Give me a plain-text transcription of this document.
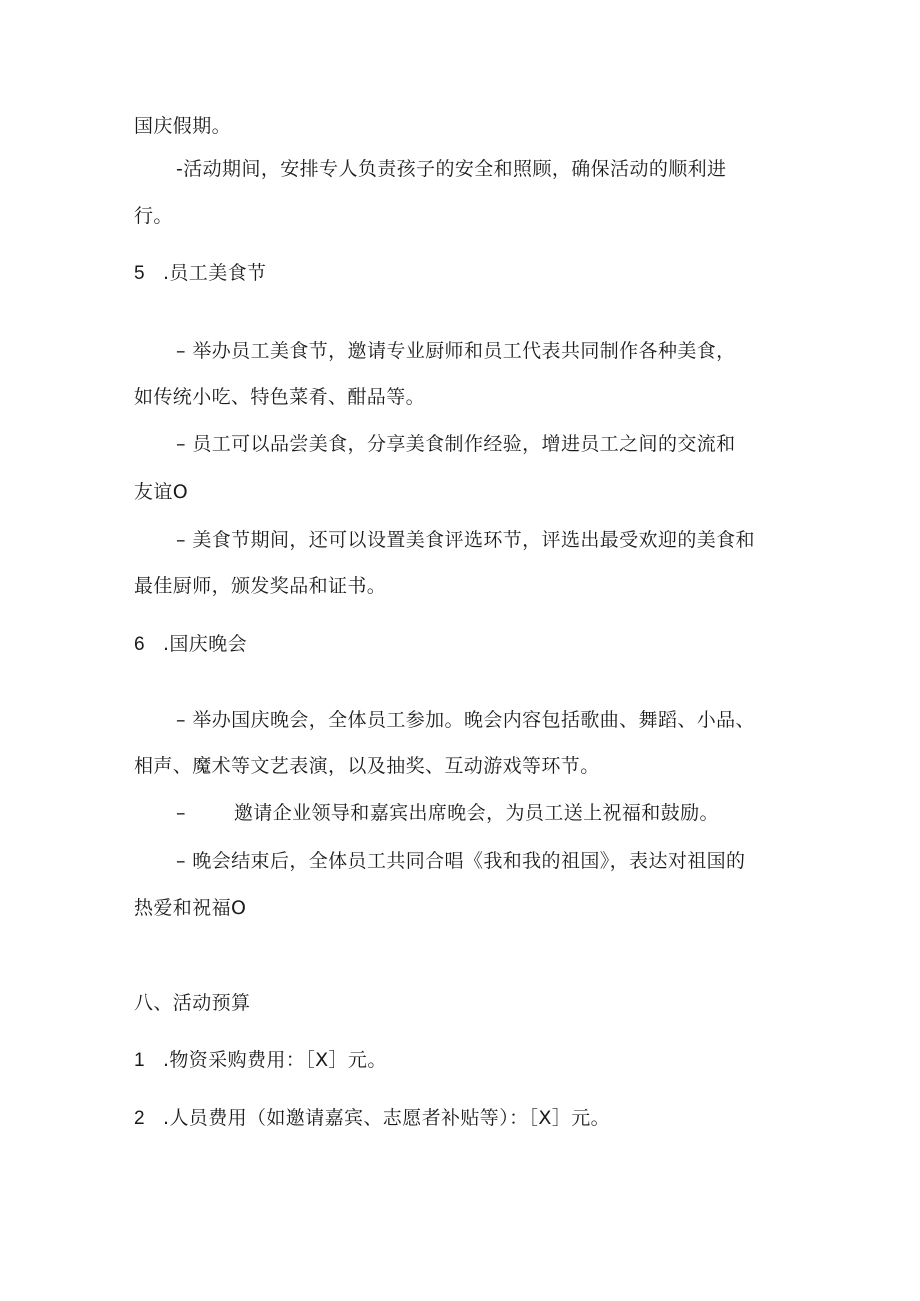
国庆假期。
-活动期间，安排专人负责孩子的安全和照顾，确保活动的顺利进
行。
5 .员工美食节
– 举办员工美食节，邀请专业厨师和员工代表共同制作各种美食，
如传统小吃、特色菜肴、酣品等。
– 员工可以品尝美食，分享美食制作经验，增进员工之间的交流和
友谊O
– 美食节期间，还可以设置美食评选环节，评选出最受欢迎的美食和
最佳厨师，颁发奖品和证书。
6 .国庆晚会
– 举办国庆晚会，全体员工参加。晚会内容包括歌曲、舞蹈、小品、
相声、魔术等文艺表演，以及抽奖、互动游戏等环节。
–	邀请企业领导和嘉宾出席晚会，为员工送上祝福和鼓励。
– 晚会结束后，全体员工共同合唱《我和我的祖国》，表达对祖国的
热爱和祝福O
八、活动预算
1 .物资采购费用：［X］元。
2 .人员费用（如邀请嘉宾、志愿者补贴等）：［X］元。
